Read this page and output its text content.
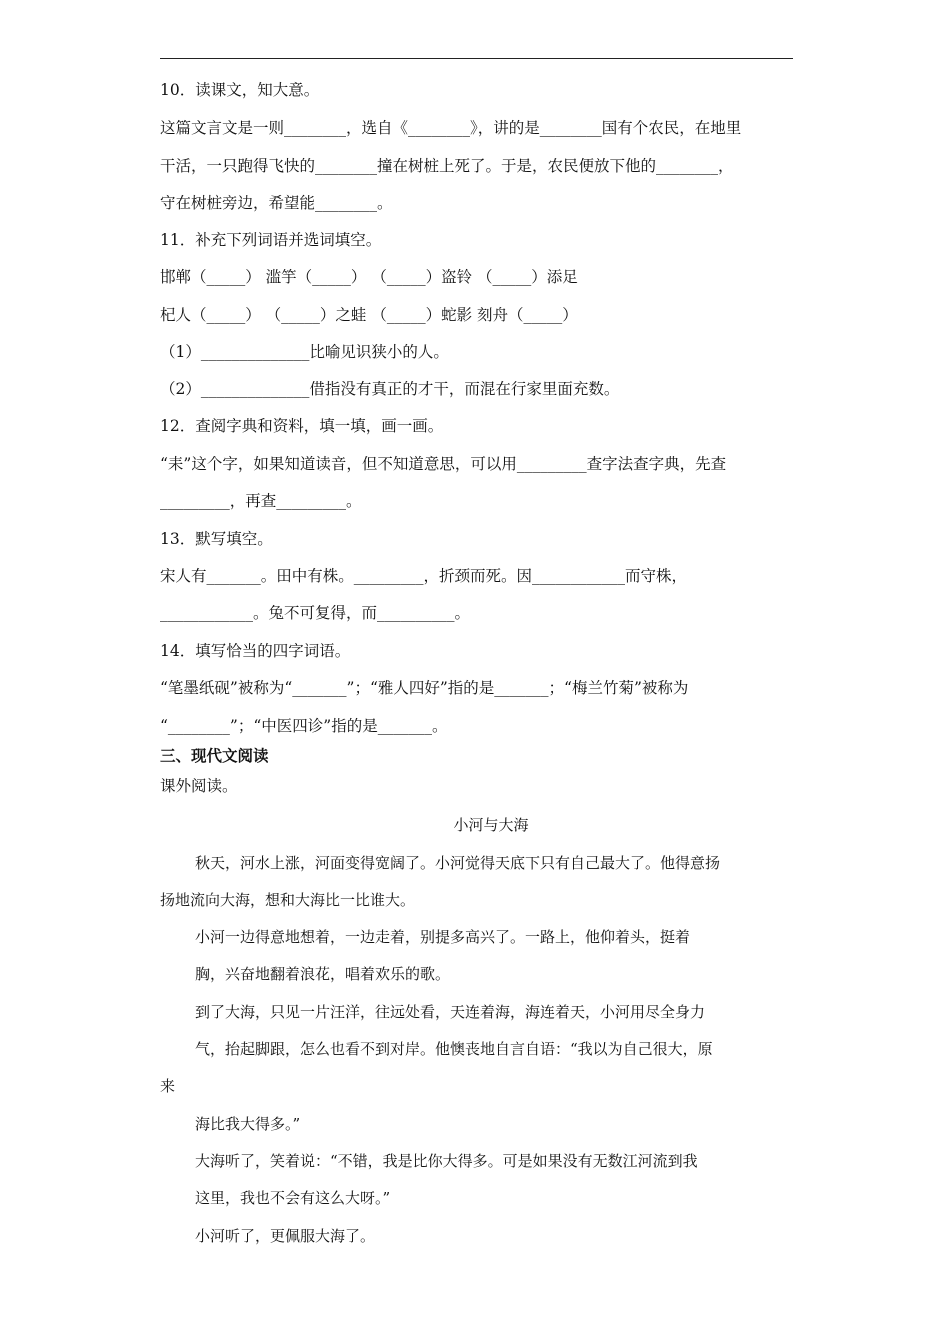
10．读课文，知大意。
这篇文言文是一则________，选自《________》，讲的是________国有个农民，在地里
干活，一只跑得飞快的________撞在树桩上死了。于是，农民便放下他的________，
守在树桩旁边，希望能________。
11．补充下列词语并选词填空。
邯郸（_____） 滥竽（_____） （_____）盗铃 （_____）添足
杞人（_____） （_____）之蛙 （_____）蛇影 刻舟（_____）
（1）______________比喻见识狭小的人。
（2）______________借指没有真正的才干，而混在行家里面充数。
12．查阅字典和资料，填一填，画一画。
“耒”这个字，如果知道读音，但不知道意思，可以用_________查字法查字典，先查
_________，再查_________。
13．默写填空。
宋人有_______。田中有株。_________，折颈而死。因____________而守株，
____________。兔不可复得，而__________。
14．填写恰当的四字词语。
“笔墨纸砚”被称为“_______”；“雅人四好”指的是_______；“梅兰竹菊”被称为
“________”；“中医四诊”指的是_______。
三、现代文阅读
课外阅读。
小河与大海
秋天，河水上涨，河面变得宽阔了。小河觉得天底下只有自己最大了。他得意扬
扬地流向大海，想和大海比一比谁大。
小河一边得意地想着，一边走着，别提多高兴了。一路上，他仰着头，挺着
胸，兴奋地翻着浪花，唱着欢乐的歌。
到了大海，只见一片汪洋，往远处看，天连着海，海连着天，小河用尽全身力
气，抬起脚跟，怎么也看不到对岸。他懊丧地自言自语：“我以为自己很大，原
来
海比我大得多。”
大海听了，笑着说：“不错，我是比你大得多。可是如果没有无数江河流到我
这里，我也不会有这么大呀。”
小河听了，更佩服大海了。
